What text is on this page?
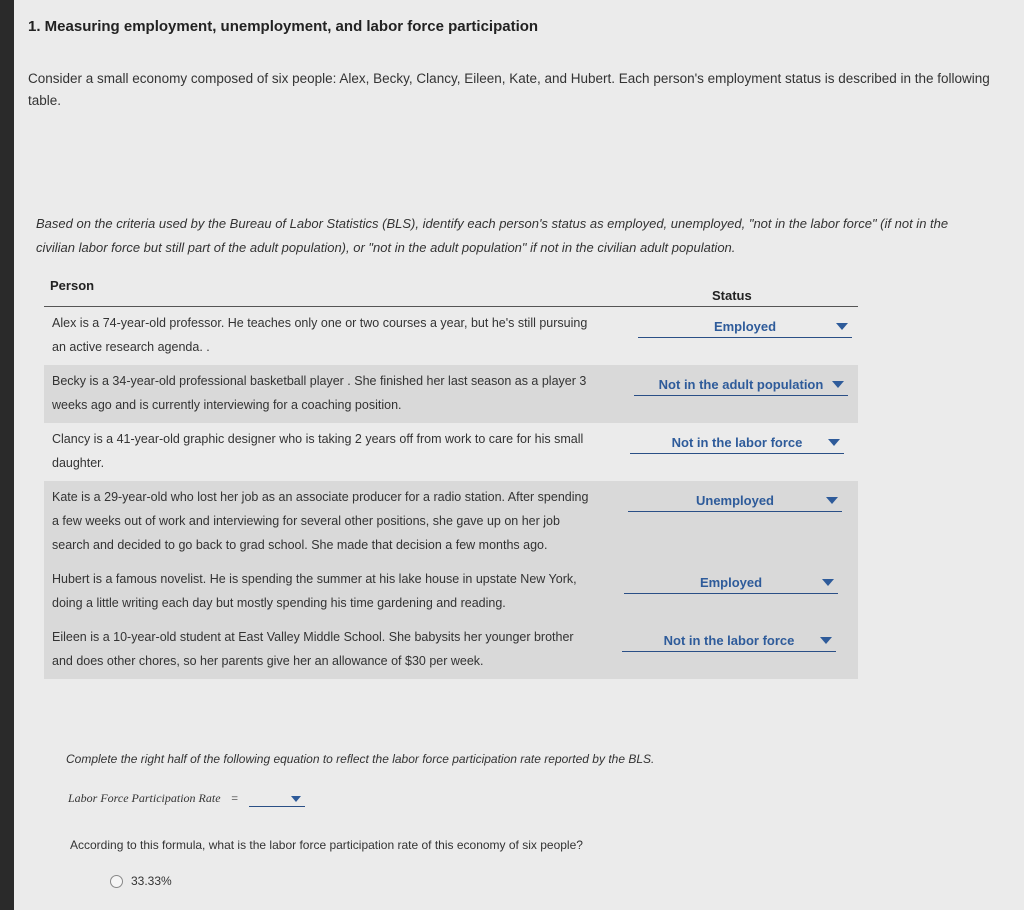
1. Measuring employment, unemployment, and labor force participation
Consider a small economy composed of six people: Alex, Becky, Clancy, Eileen, Kate, and Hubert. Each person's employment status is described in the following table.
Based on the criteria used by the Bureau of Labor Statistics (BLS), identify each person's status as employed, unemployed, "not in the labor force" (if not in the civilian labor force but still part of the adult population), or "not in the adult population" if not in the civilian adult population.
Person
Status
Alex is a 74-year-old professor. He teaches only one or two courses a year, but he's still pursuing an active research agenda. .
Employed
Becky is a 34-year-old professional basketball player . She finished her last season as a player 3 weeks ago and is currently interviewing for a coaching position.
Not in the adult population
Clancy is a 41-year-old graphic designer who is taking 2 years off from work to care for his small daughter.
Not in the labor force
Kate is a 29-year-old who lost her job as an associate producer for a radio station. After spending a few weeks out of work and interviewing for several other positions, she gave up on her job search and decided to go back to grad school. She made that decision a few months ago.
Unemployed
Hubert is a famous novelist. He is spending the summer at his lake house in upstate New York, doing a little writing each day but mostly spending his time gardening and reading.
Employed
Eileen is a 10-year-old student at East Valley Middle School. She babysits her younger brother and does other chores, so her parents give her an allowance of $30 per week.
Not in the labor force
Complete the right half of the following equation to reflect the labor force participation rate reported by the BLS.
Labor Force Participation Rate =
According to this formula, what is the labor force participation rate of this economy of six people?
33.33%
